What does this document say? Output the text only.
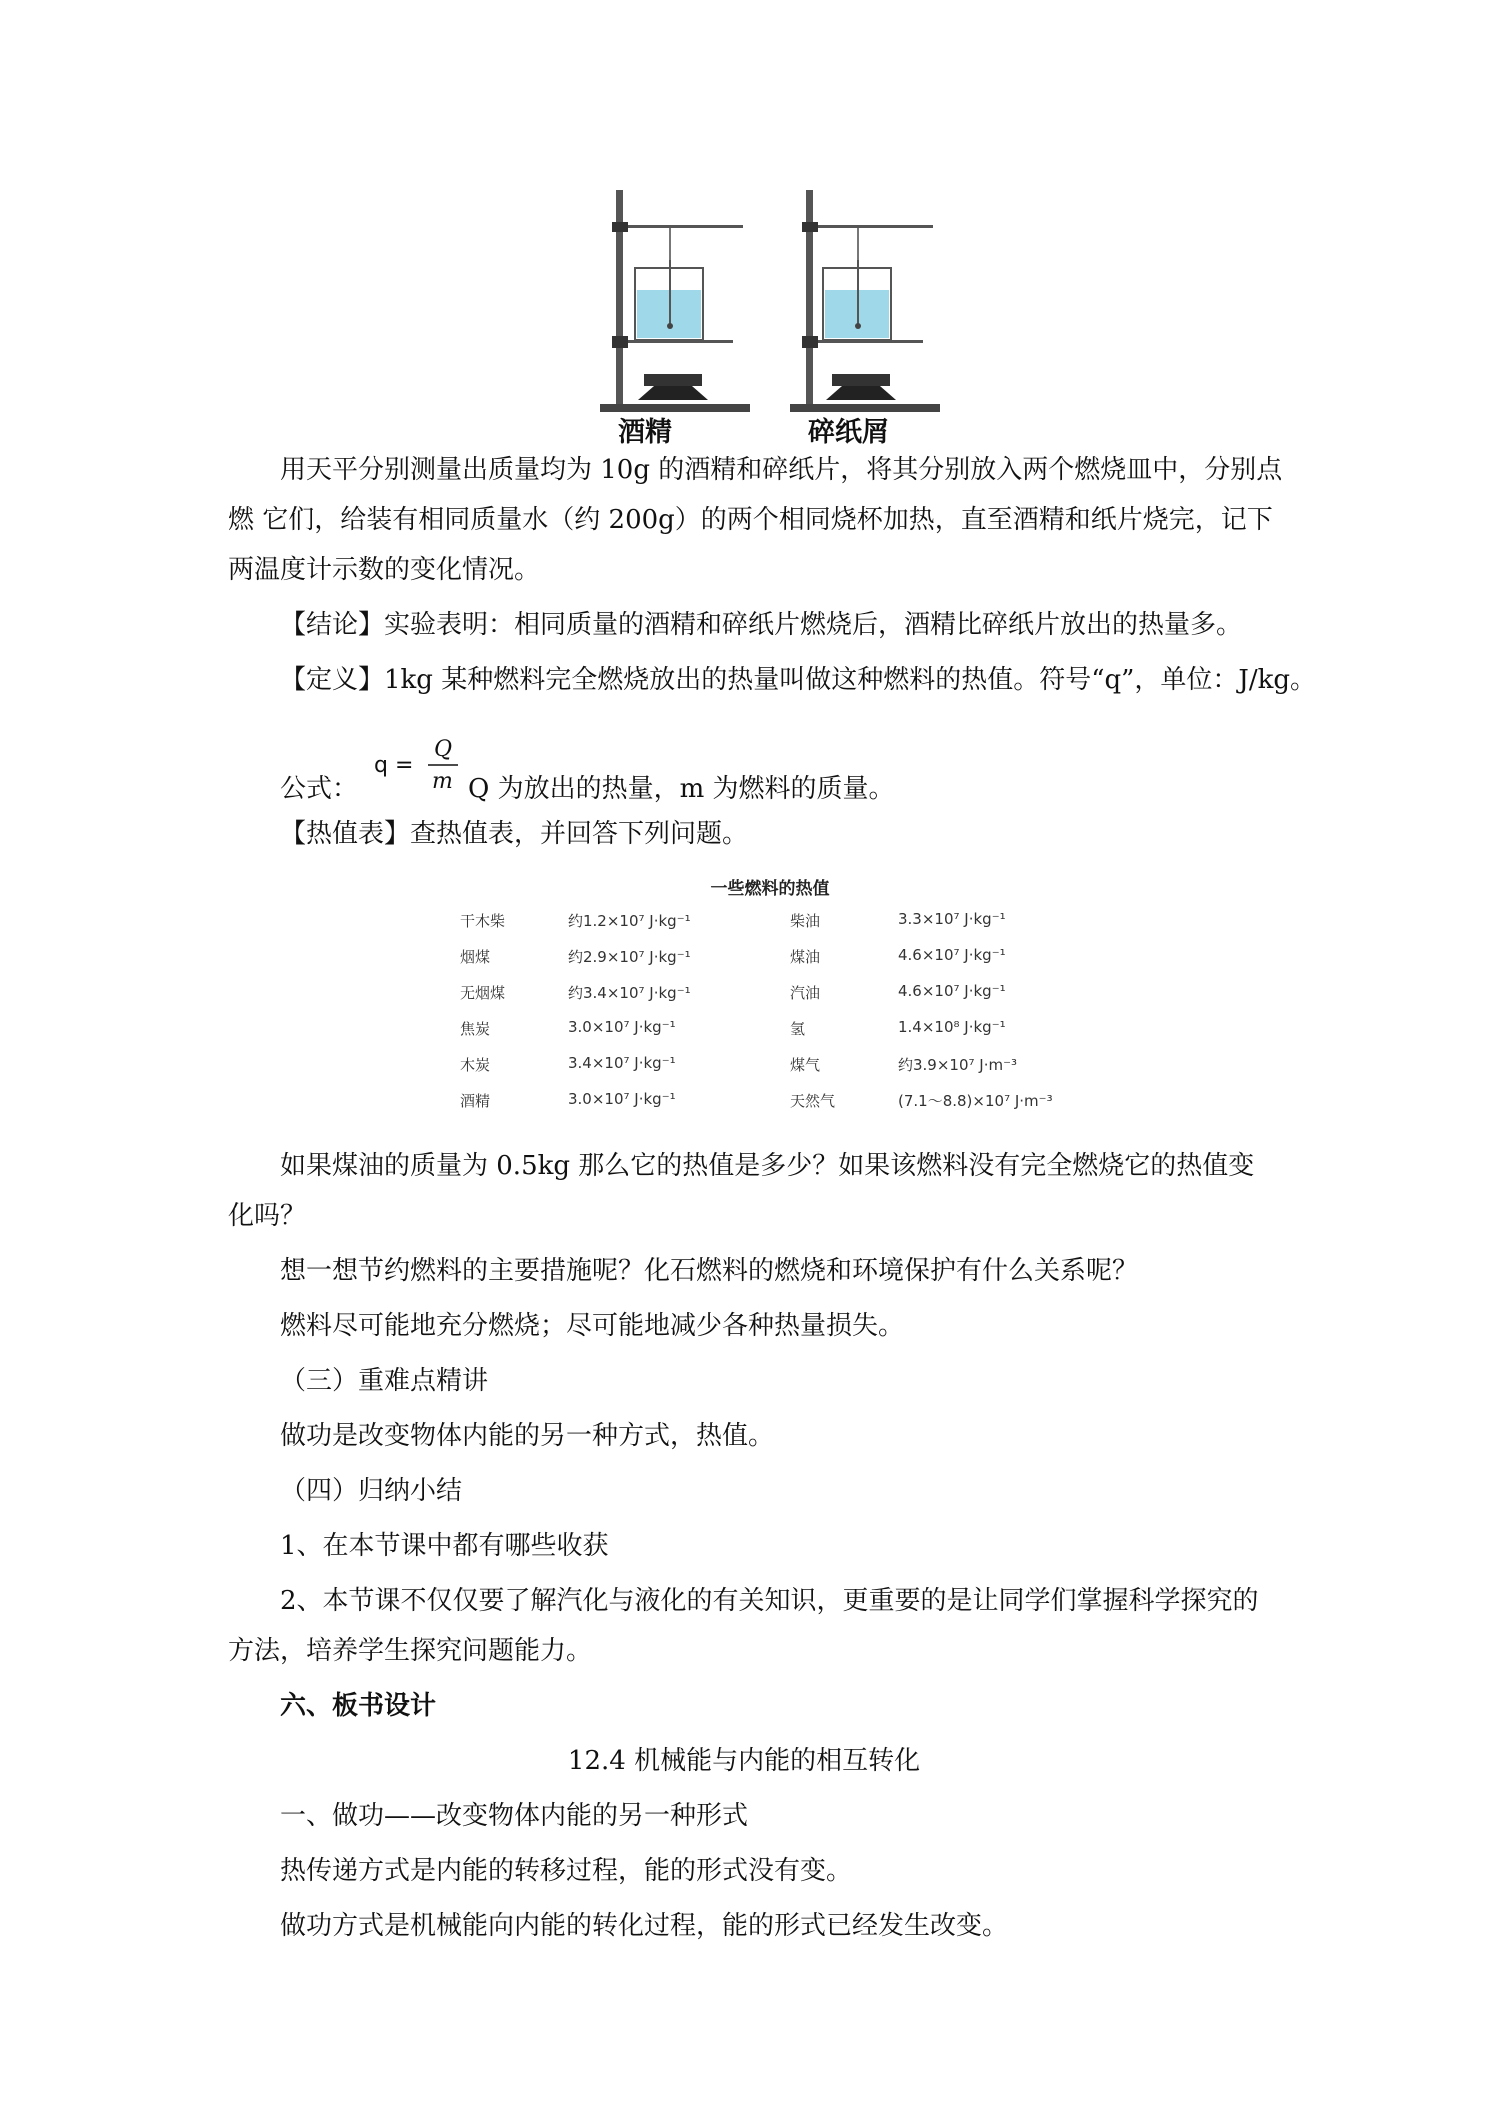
酒精	碎纸屑
用天平分别测量出质量均为 10g 的酒精和碎纸片，将其分别放入两个燃烧皿中，分别点
燃 它们，给装有相同质量水（约 200g）的两个相同烧杯加热，直至酒精和纸片烧完，记下
两温度计示数的变化情况。
【结论】实验表明：相同质量的酒精和碎纸片燃烧后，酒精比碎纸片放出的热量多。
【定义】1kg 某种燃料完全燃烧放出的热量叫做这种燃料的热值。符号“q”，单位：J/kg。
公式：
q =
Q
m Q 为放出的热量，m 为燃料的质量。
【热值表】查热值表，并回答下列问题。
一些燃料的热值
干木柴	约1.2×10⁷ J·kg⁻¹	柴油	3.3×10⁷ J·kg⁻¹
烟煤	约2.9×10⁷ J·kg⁻¹	煤油	4.6×10⁷ J·kg⁻¹
无烟煤	约3.4×10⁷ J·kg⁻¹	汽油	4.6×10⁷ J·kg⁻¹
焦炭	3.0×10⁷ J·kg⁻¹	氢	1.4×10⁸ J·kg⁻¹
木炭	3.4×10⁷ J·kg⁻¹	煤气	约3.9×10⁷ J·m⁻³
酒精	3.0×10⁷ J·kg⁻¹	天然气	(7.1～8.8)×10⁷ J·m⁻³
如果煤油的质量为 0.5kg 那么它的热值是多少？如果该燃料没有完全燃烧它的热值变
化吗？
想一想节约燃料的主要措施呢？化石燃料的燃烧和环境保护有什么关系呢？
燃料尽可能地充分燃烧；尽可能地减少各种热量损失。
（三）重难点精讲
做功是改变物体内能的另一种方式，热值。
（四）归纳小结
1、在本节课中都有哪些收获
2、本节课不仅仅要了解汽化与液化的有关知识，更重要的是让同学们掌握科学探究的
方法，培养学生探究问题能力。
六、板书设计
12.4 机械能与内能的相互转化
一、做功——改变物体内能的另一种形式
热传递方式是内能的转移过程，能的形式没有变。
做功方式是机械能向内能的转化过程，能的形式已经发生改变。
